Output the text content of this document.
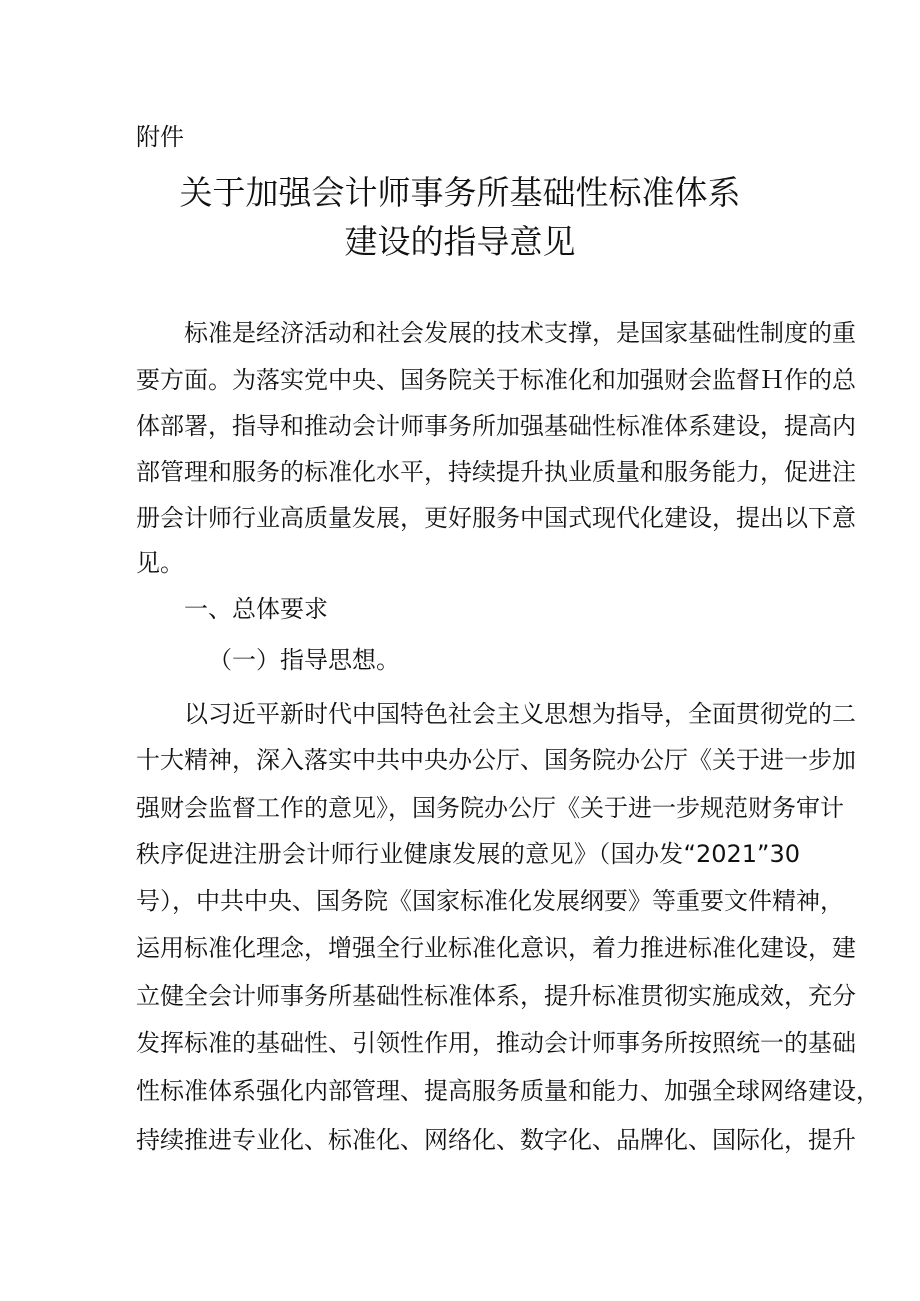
附件
关于加强会计师事务所基础性标准体系
建设的指导意见
标准是经济活动和社会发展的技术支撑，是国家基础性制度的重
要方面。为落实党中央、国务院关于标准化和加强财会监督Ｈ作的总
体部署，指导和推动会计师事务所加强基础性标准体系建设，提高内
部管理和服务的标准化水平，持续提升执业质量和服务能力，促进注
册会计师行业高质量发展，更好服务中国式现代化建设，提出以下意
见。
一、总体要求
（一）指导思想。
以习近平新时代中国特色社会主义思想为指导，全面贯彻党的二
十大精神，深入落实中共中央办公厅、国务院办公厅《关于进一步加
强财会监督工作的意见》，国务院办公厅《关于进一步规范财务审计
秩序促进注册会计师行业健康发展的意见》（国办发“2021”30
号），中共中央、国务院《国家标准化发展纲要》等重要文件精神，
运用标准化理念，增强全行业标准化意识，着力推进标准化建设，建
立健全会计师事务所基础性标准体系，提升标准贯彻实施成效，充分
发挥标准的基础性、引领性作用，推动会计师事务所按照统一的基础
性标准体系强化内部管理、提高服务质量和能力、加强全球网络建设，
持续推进专业化、标准化、网络化、数字化、品牌化、国际化，提升
